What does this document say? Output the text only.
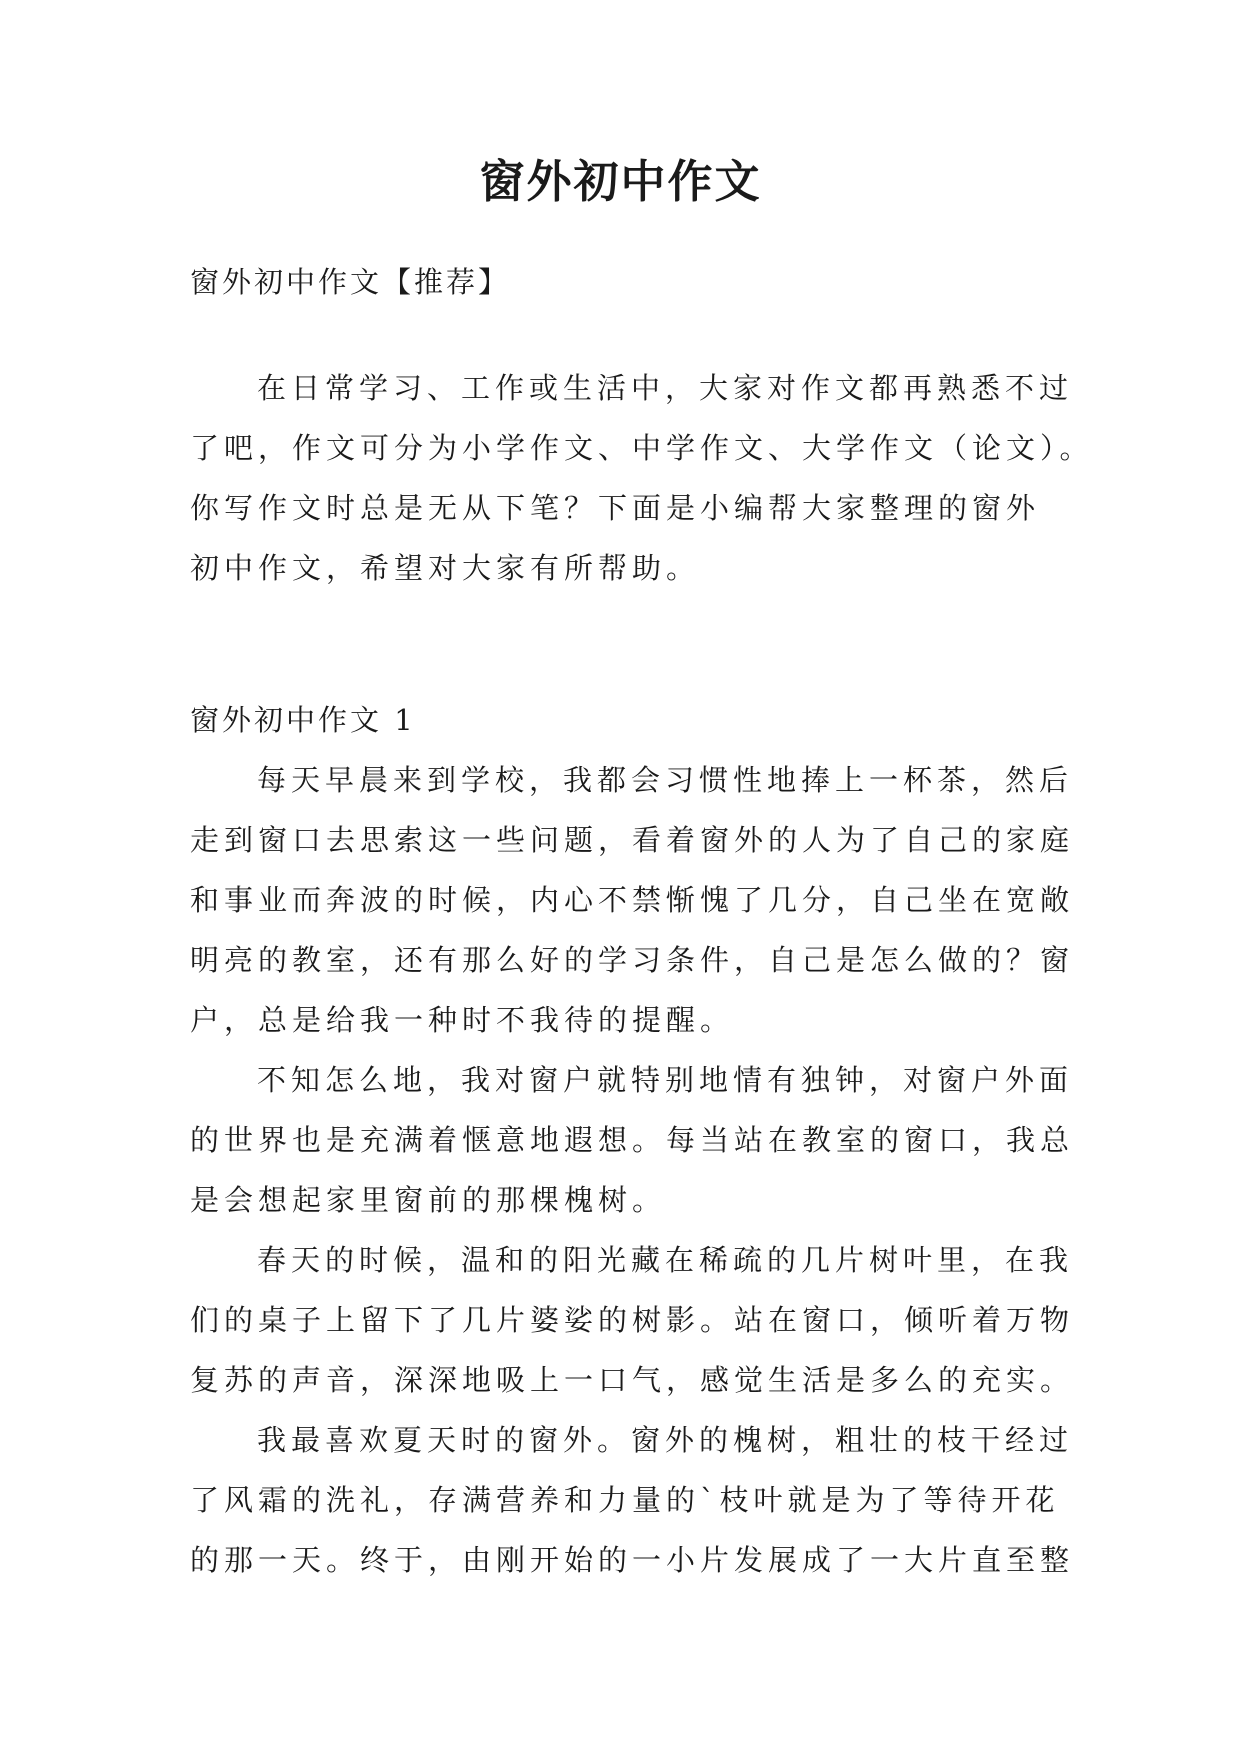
窗外初中作文
窗外初中作文【推荐】
在日常学习、工作或生活中，大家对作文都再熟悉不过
了吧，作文可分为小学作文、中学作文、大学作文（论文）。
你写作文时总是无从下笔？下面是小编帮大家整理的窗外
初中作文，希望对大家有所帮助。
窗外初中作文 1
每天早晨来到学校，我都会习惯性地捧上一杯茶，然后
走到窗口去思索这一些问题，看着窗外的人为了自己的家庭
和事业而奔波的时候，内心不禁惭愧了几分，自己坐在宽敞
明亮的教室，还有那么好的学习条件，自己是怎么做的？窗
户，总是给我一种时不我待的提醒。
不知怎么地，我对窗户就特别地情有独钟，对窗户外面
的世界也是充满着惬意地遐想。每当站在教室的窗口，我总
是会想起家里窗前的那棵槐树。
春天的时候，温和的阳光藏在稀疏的几片树叶里，在我
们的桌子上留下了几片婆娑的树影。站在窗口，倾听着万物
复苏的声音，深深地吸上一口气，感觉生活是多么的充实。
我最喜欢夏天时的窗外。窗外的槐树，粗壮的枝干经过
了风霜的洗礼，存满营养和力量的`枝叶就是为了等待开花
的那一天。终于，由刚开始的一小片发展成了一大片直至整
